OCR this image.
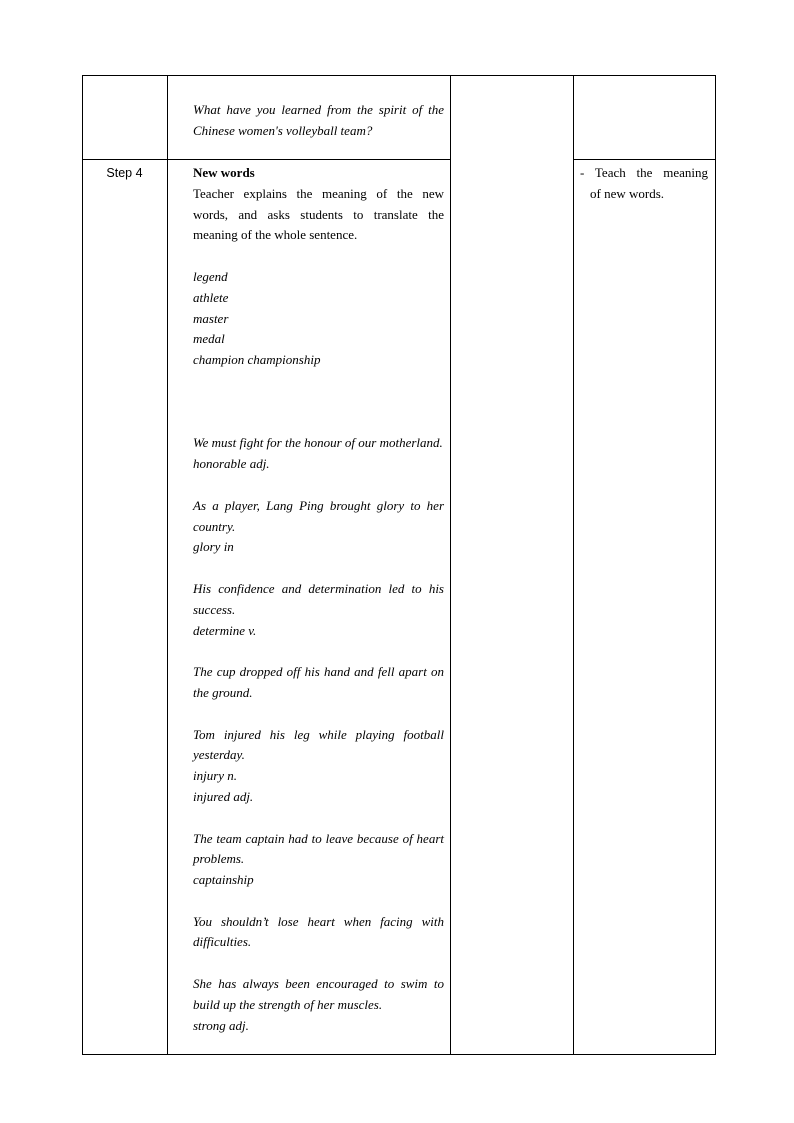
What have you learned from the spirit of the Chinese women's volleyball team?
Step 4	New words
Teacher explains the meaning of the new words, and asks students to translate the meaning of the whole sentence.
legend
athlete
master
medal
champion championship
We must fight for the honour of our motherland.
honorable adj.
As a player, Lang Ping brought glory to her country.
glory in
His confidence and determination led to his success.
determine v.
The cup dropped off his hand and fell apart on the ground.
Tom injured his leg while playing football yesterday.
injury n.
injured adj.
The team captain had to leave because of heart problems.
captainship
You shouldn’t lose heart when facing with difficulties.
She has always been encouraged to swim to build up the strength of her muscles.
strong adj.
- Teach the meaning
of new words.
